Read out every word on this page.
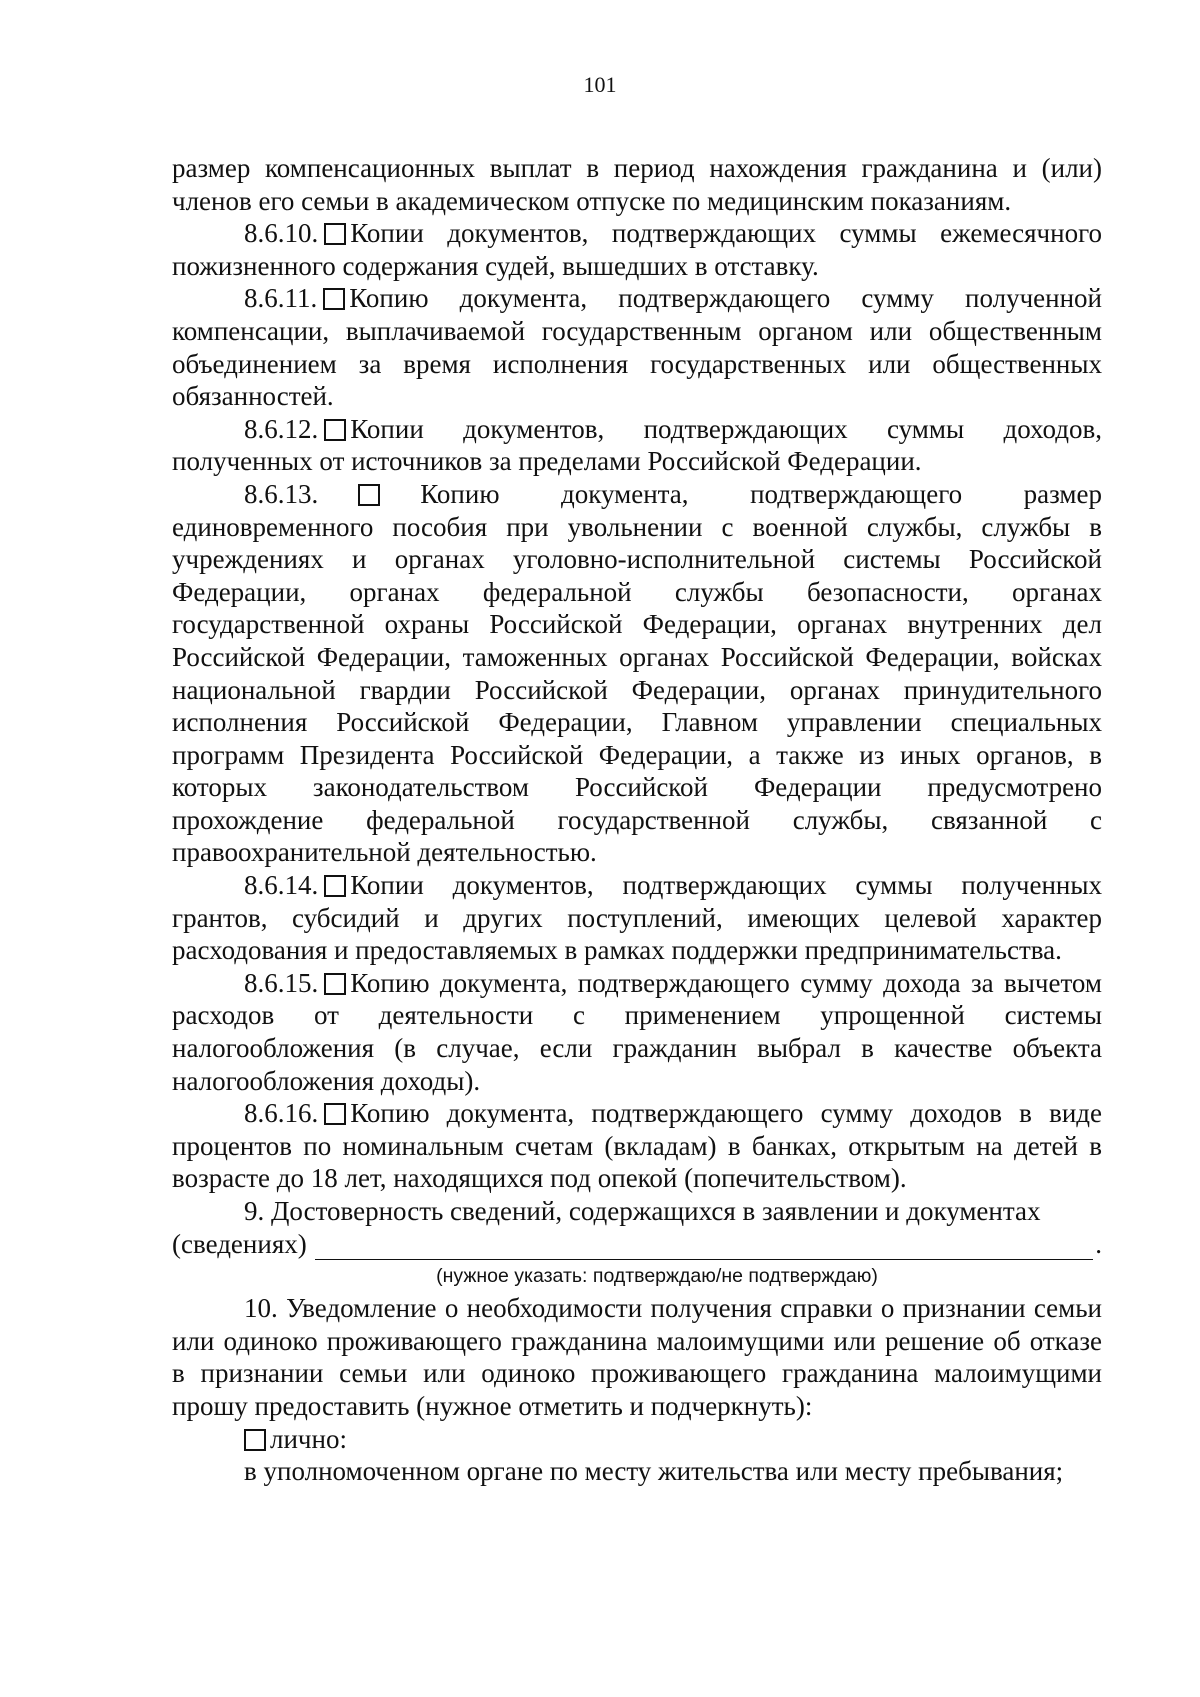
101

размер компенсационных выплат в период нахождения гражданина и (или) членов его семьи в академическом отпуске по медицинским показаниям.

8.6.10. Копии документов, подтверждающих суммы ежемесячного пожизненного содержания судей, вышедших в отставку.

8.6.11. Копию документа, подтверждающего сумму полученной компенсации, выплачиваемой государственным органом или общественным объединением за время исполнения государственных или общественных обязанностей.

8.6.12. Копии документов, подтверждающих суммы доходов, полученных от источников за пределами Российской Федерации.

8.6.13.	Копию документа, подтверждающего размер единовременного пособия при увольнении с военной службы, службы в учреждениях и органах уголовно-исполнительной системы Российской Федерации, органах федеральной службы безопасности, органах государственной охраны Российской Федерации, органах внутренних дел Российской Федерации, таможенных органах Российской Федерации, войсках национальной гвардии Российской Федерации, органах принудительного исполнения Российской Федерации, Главном управлении специальных программ Президента Российской Федерации, а также из иных органов, в которых законодательством Российской Федерации предусмотрено прохождение федеральной государственной службы, связанной с правоохранительной деятельностью.

8.6.14. Копии документов, подтверждающих суммы полученных грантов, субсидий и других поступлений, имеющих целевой характер расходования и предоставляемых в рамках поддержки предпринимательства.

8.6.15. Копию документа, подтверждающего сумму дохода за вычетом расходов от деятельности с применением упрощенной системы налогообложения (в случае, если гражданин выбрал в качестве объекта налогообложения доходы).

8.6.16. Копию документа, подтверждающего сумму доходов в виде процентов по номинальным счетам (вкладам) в банках, открытым на детей в возрасте до 18 лет, находящихся под опекой (попечительством).

9. Достоверность сведений, содержащихся в заявлении и документах

(сведениях)	.

(нужное указать: подтверждаю/не подтверждаю)

10. Уведомление о необходимости получения справки о признании семьи или одиноко проживающего гражданина малоимущими или решение об отказе в признании семьи или одиноко проживающего гражданина малоимущими прошу предоставить (нужное отметить и подчеркнуть):

лично:

в уполномоченном органе по месту жительства или месту пребывания;
